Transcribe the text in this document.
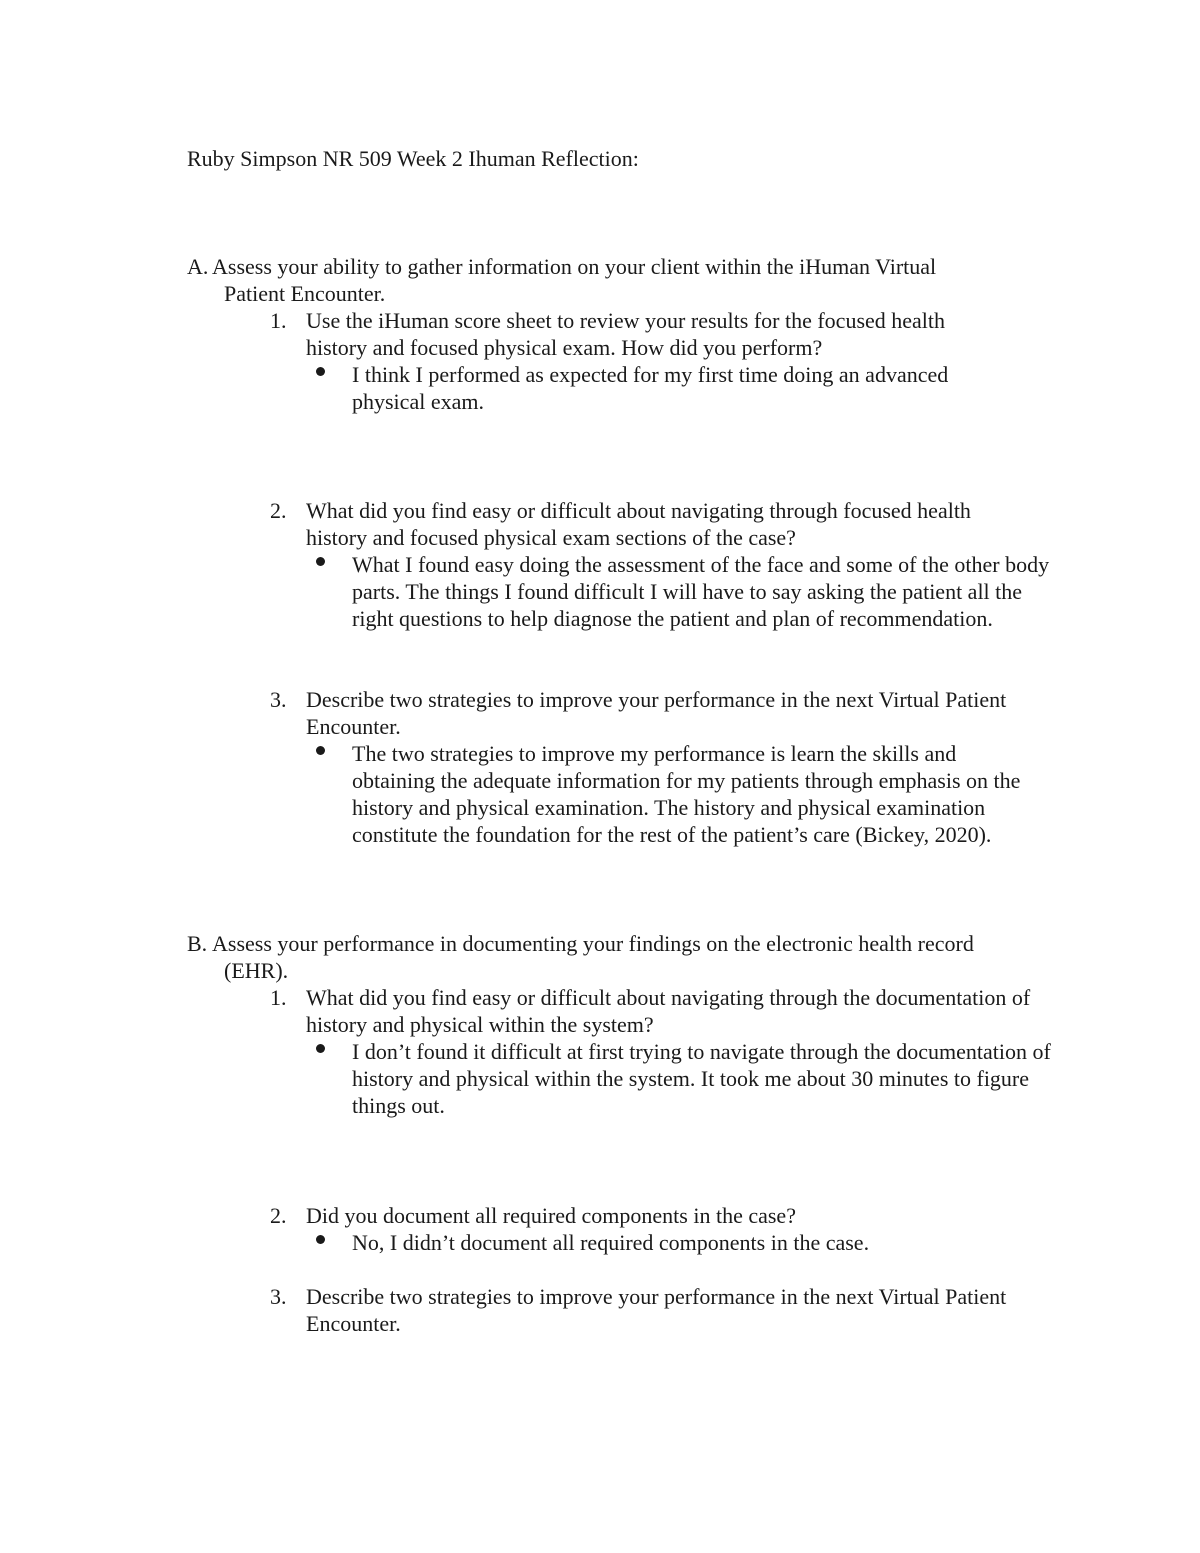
Ruby Simpson NR 509 Week 2 Ihuman Reflection:
A. Assess your ability to gather information on your client within the iHuman Virtual
Patient Encounter.
1. Use the iHuman score sheet to review your results for the focused health history and focused physical exam. How did you perform?
I think I performed as expected for my first time doing an advanced physical exam.
2. What did you find easy or difficult about navigating through focused health history and focused physical exam sections of the case?
What I found easy doing the assessment of the face and some of the other body parts. The things I found difficult I will have to say asking the patient all the right questions to help diagnose the patient and plan of recommendation.
3. Describe two strategies to improve your performance in the next Virtual Patient Encounter.
The two strategies to improve my performance is learn the skills and obtaining the adequate information for my patients through emphasis on the history and physical examination. The history and physical examination constitute the foundation for the rest of the patient’s care (Bickey, 2020).
B. Assess your performance in documenting your findings on the electronic health record
(EHR).
1. What did you find easy or difficult about navigating through the documentation of history and physical within the system?
I don’t found it difficult at first trying to navigate through the documentation of history and physical within the system. It took me about 30 minutes to figure things out.
2. Did you document all required components in the case?
No, I didn’t document all required components in the case.
3. Describe two strategies to improve your performance in the next Virtual Patient Encounter.
